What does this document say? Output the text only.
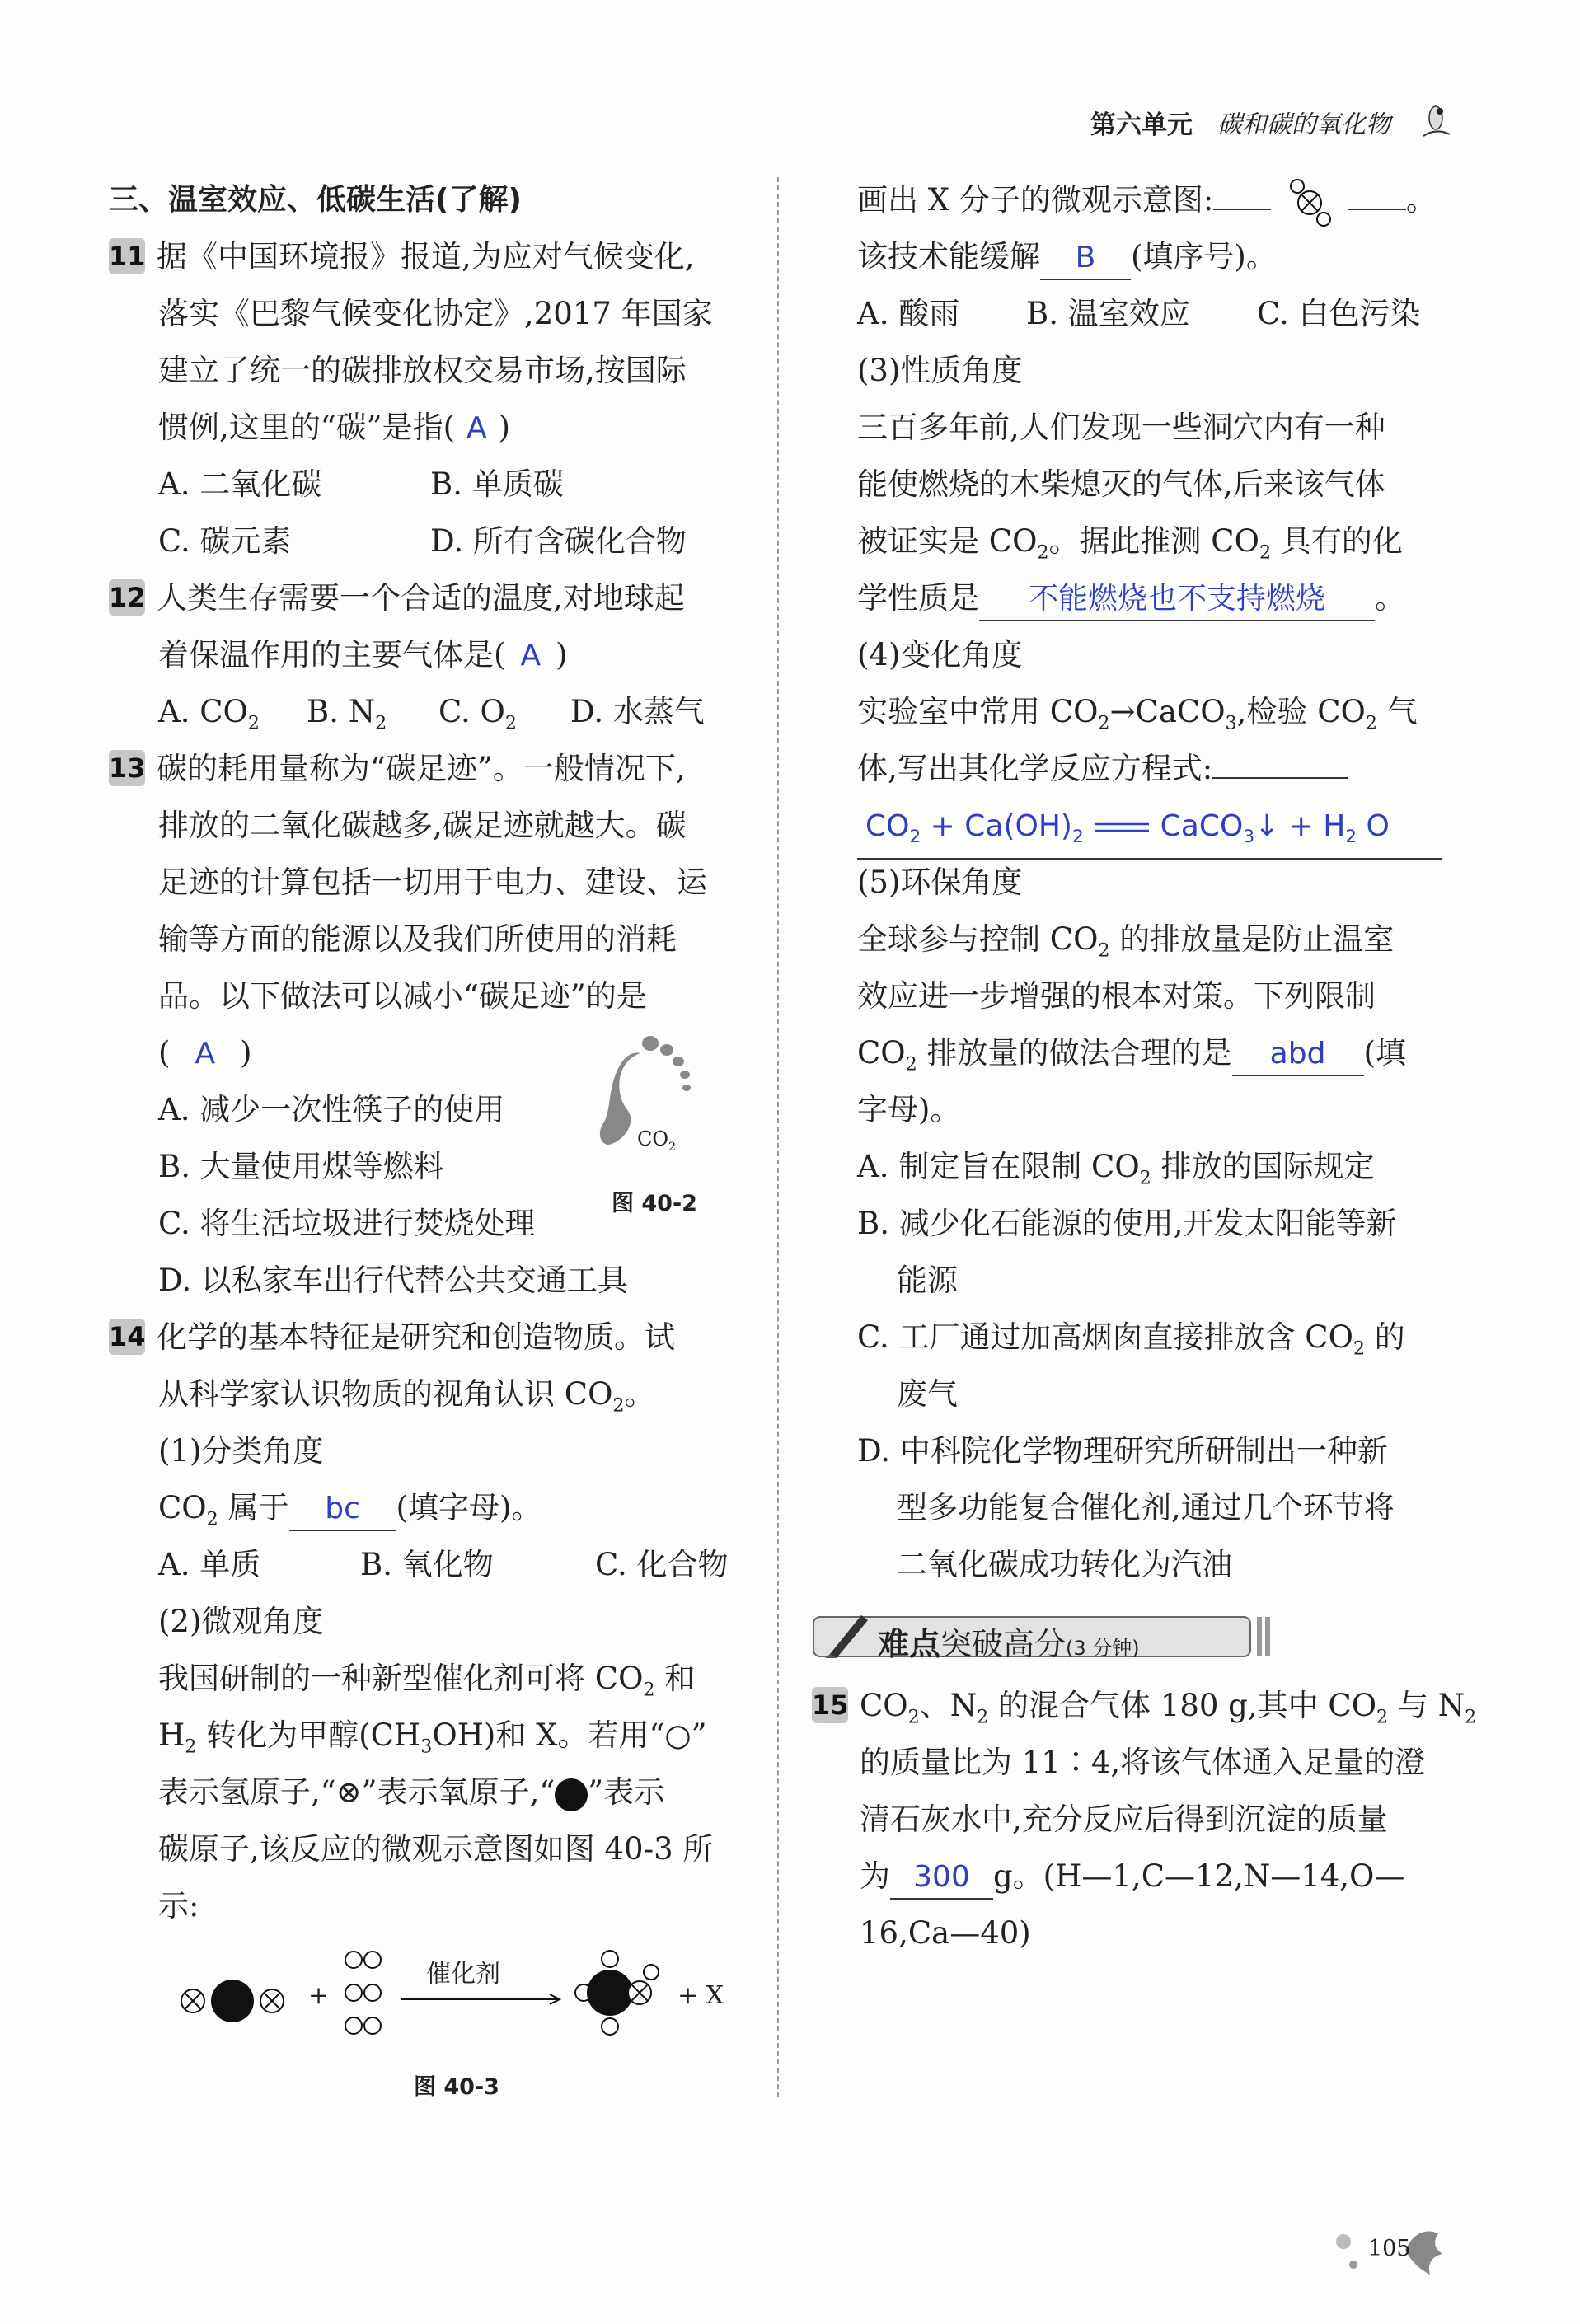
第六单元 碳和碳的氧化物
三、温室效应、低碳生活(了解)
11 据《中国环境报》报道,为应对气候变化,
落实《巴黎气候变化协定》,2017 年国家
建立了统一的碳排放权交易市场,按国际
惯例,这里的“碳”是指( A )
A. 二氧化碳	B. 单质碳
C. 碳元素	D. 所有含碳化合物
12 人类生存需要一个合适的温度,对地球起
着保温作用的主要气体是( A )
A. $CO_2$	B. $N_2$	C. $O_2$	D. 水蒸气
13 碳的耗用量称为“碳足迹”。一般情况下,
排放的二氧化碳越多,碳足迹就越大。碳
足迹的计算包括一切用于电力、建设、运
输等方面的能源以及我们所使用的消耗
品。以下做法可以减小“碳足迹”的是
( A )
A. 减少一次性筷子的使用
B. 大量使用煤等燃料
C. 将生活垃圾进行焚烧处理
D. 以私家车出行代替公共交通工具
$CO_2$
图 40-2
14 化学的基本特征是研究和创造物质。试
从科学家认识物质的视角认识 $CO_2$。
(1)分类角度
$CO_2$ 属于 bc (填字母)。
A. 单质	B. 氧化物	C. 化合物
(2)微观角度
我国研制的一种新型催化剂可将 $CO_2$ 和
$H_2$ 转化为甲醇$(CH_3OH)$和 X。若用“○”
表示氢原子,“⊗”表示氧原子,“ ”表示
碳原子,该反应的微观示意图如图 40-3 所
示:
+
催化剂
+ X
图 40-3
画出 X 分子的微观示意图:	。
该技术能缓解 B (填序号)。
A. 酸雨	B. 温室效应	C. 白色污染
(3)性质角度
三百多年前,人们发现一些洞穴内有一种
能使燃烧的木柴熄灭的气体,后来该气体
被证实是 $CO_2$。据此推测 $CO_2$ 具有的化
学性质是 不能燃烧也不支持燃烧 。
(4)变化角度
实验室中常用 $CO_2\to CaCO_3$,检验 $CO_2$ 气
体,写出其化学反应方程式:
$CO_2 + Ca(OH)_2$	CaCO$_3$↓ + $H_2$ O
(5)环保角度
全球参与控制 $CO_2$ 的排放量是防止温室
效应进一步增强的根本对策。下列限制
$CO_2$ 排放量的做法合理的是 abd (填
字母)。
A. 制定旨在限制 $CO_2$ 排放的国际规定
B. 减少化石能源的使用,开发太阳能等新
能源
C. 工厂通过加高烟囱直接排放含 $CO_2$ 的
废气
D. 中科院化学物理研究所研制出一种新
型多功能复合催化剂,通过几个环节将
二氧化碳成功转化为汽油
难点突破高分(3 分钟)
15 $CO_2$、$N_2$ 的混合气体 180 g,其中 $CO_2$ 与 $N_2$
的质量比为 11∶4,将该气体通入足量的澄
清石灰水中,充分反应后得到沉淀的质量
为 300 g。(H—1,C—12,N—14,O—
16,Ca—40)
105
